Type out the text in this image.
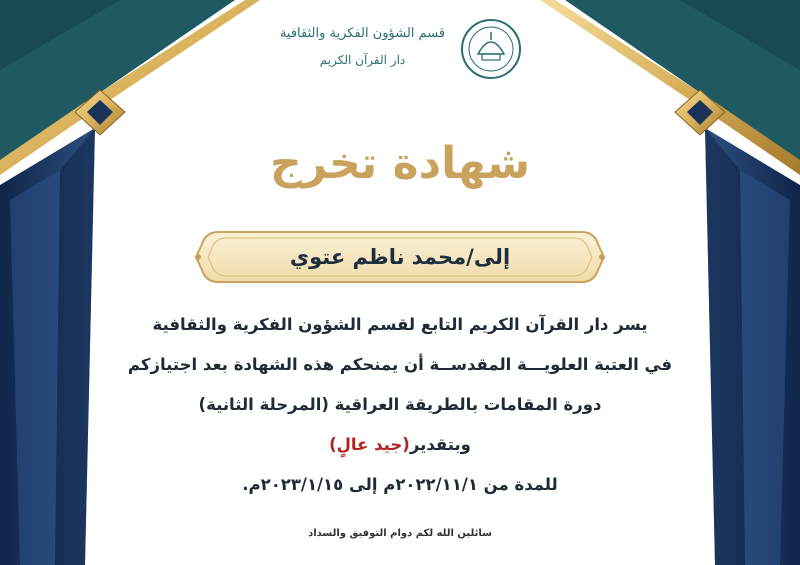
قسم الشؤون الفكرية والثقافية
دار القرآن الكريم
شهادة تخرج
إلى/محمد ناظم عتوي

يسر دار القرآن الكريم التابع لقسم الشؤون الفكرية والثقافية

في العتبة العلويـــة المقدســة أن يمنحكم هذه الشهادة بعد اجتيازكم

دورة المقامات بالطريقة العراقية (المرحلة الثانية)

وبتقدير(جيد عالٍ)

للمدة من ٢٠٢٢/١١/١م إلى ٢٠٢٣/١/١٥م.

سائلين الله لكم دوام التوفيق والسداد
